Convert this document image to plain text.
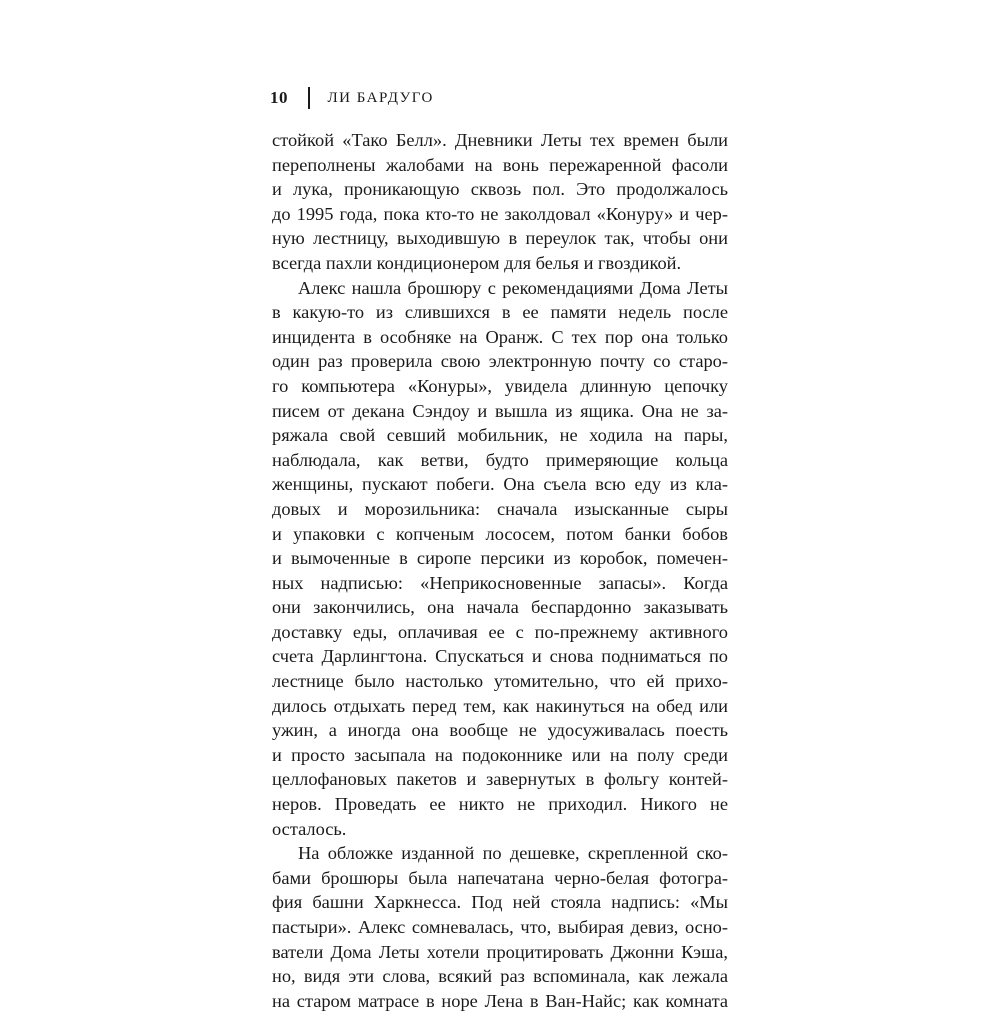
10	ЛИ БАРДУГО
стойкой «Тако Белл». Дневники Леты тех времен были
переполнены жалобами на вонь пережаренной фасоли
и лука, проникающую сквозь пол. Это продолжалось
до 1995 года, пока кто-то не заколдовал «Конуру» и чер-
ную лестницу, выходившую в переулок так, чтобы они
всегда пахли кондиционером для белья и гвоздикой.
Алекс нашла брошюру с рекомендациями Дома Леты
в какую-то из слившихся в ее памяти недель после
инцидента в особняке на Оранж. С тех пор она только
один раз проверила свою электронную почту со старо-
го компьютера «Конуры», увидела длинную цепочку
писем от декана Сэндоу и вышла из ящика. Она не за-
ряжала свой севший мобильник, не ходила на пары,
наблюдала, как ветви, будто примеряющие кольца
женщины, пускают побеги. Она съела всю еду из кла-
довых и морозильника: сначала изысканные сыры
и упаковки с копченым лососем, потом банки бобов
и вымоченные в сиропе персики из коробок, помечен-
ных надписью: «Неприкосновенные запасы». Когда
они закончились, она начала беспардонно заказывать
доставку еды, оплачивая ее с по-прежнему активного
счета Дарлингтона. Спускаться и снова подниматься по
лестнице было настолько утомительно, что ей прихо-
дилось отдыхать перед тем, как накинуться на обед или
ужин, а иногда она вообще не удосуживалась поесть
и просто засыпала на подоконнике или на полу среди
целлофановых пакетов и завернутых в фольгу контей-
неров. Проведать ее никто не приходил. Никого не
осталось.
На обложке изданной по дешевке, скрепленной ско-
бами брошюры была напечатана черно-белая фотогра-
фия башни Харкнесса. Под ней стояла надпись: «Мы
пастыри». Алекс сомневалась, что, выбирая девиз, осно-
ватели Дома Леты хотели процитировать Джонни Кэша,
но, видя эти слова, всякий раз вспоминала, как лежала
на старом матрасе в норе Лена в Ван-Найс; как комната
